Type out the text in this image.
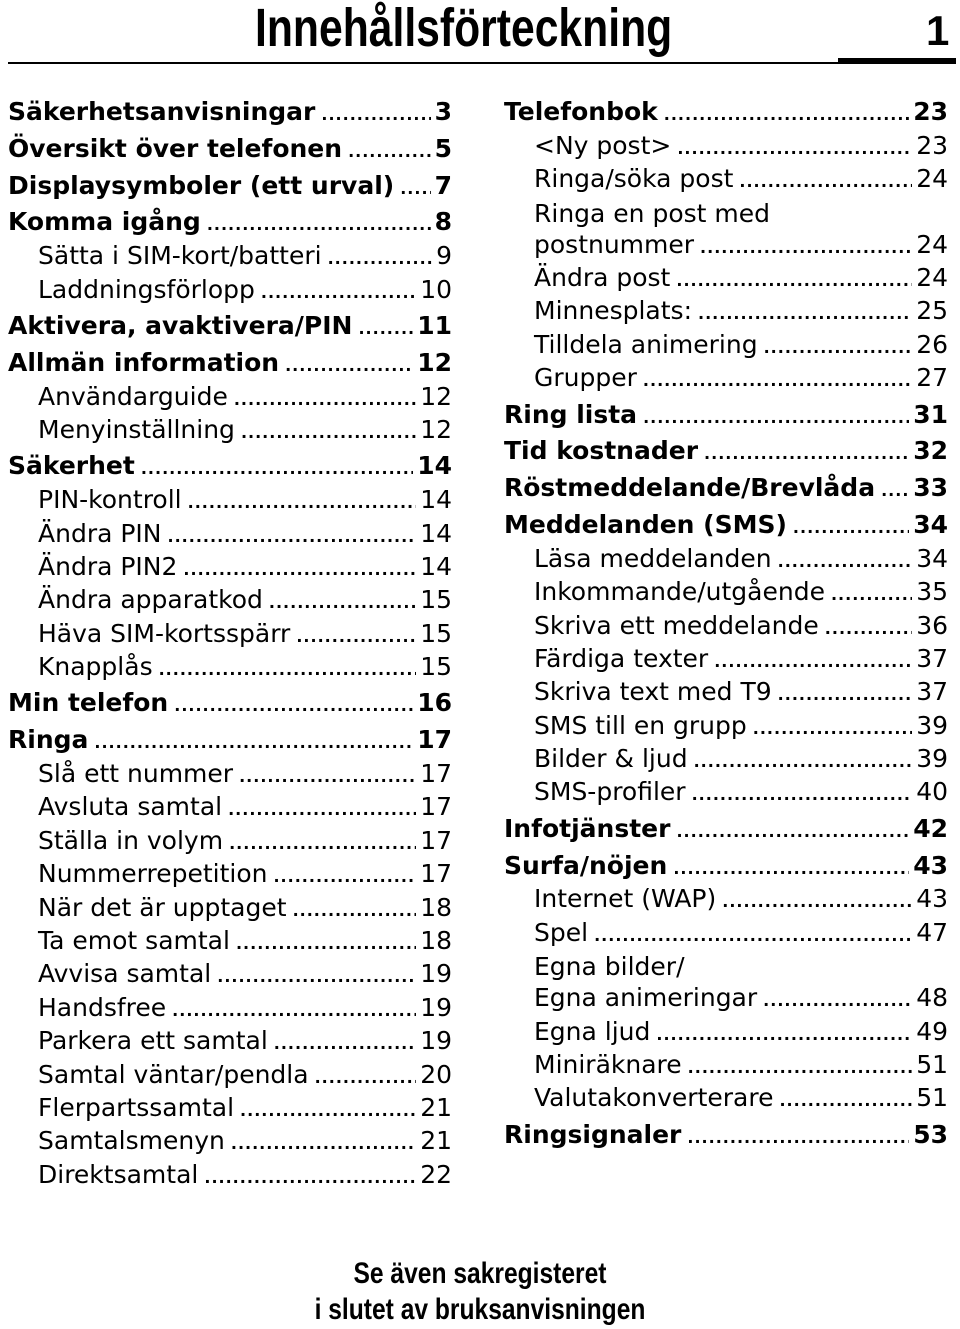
Innehållsförteckning	1
Säkerhetsanvisningar .....	3
Översikt över telefonen .....	5
Displaysymboler (ett urval) ..... 7
Komma igång .....	8
Sätta i SIM-kort/batteri .....	9
Laddningsförlopp .....	10
Aktivera, avaktivera/PIN .....	11
Allmän information .....	12
Användarguide .....	12
Menyinställning .....	12
Säkerhet .....	14
PIN-kontroll .....	14
Ändra PIN .....	14
Ändra PIN2 .....	14
Ändra apparatkod .....	15
Häva SIM-kortsspärr .....	15
Knapplås .....	15
Min telefon .....	16
Ringa .....	17
Slå ett nummer .....	17
Avsluta samtal .....	17
Ställa in volym .....	17
Nummerrepetition .....	17
När det är upptaget .....	18
Ta emot samtal .....	18
Avvisa samtal .....	19
Handsfree .....	19
Parkera ett samtal .....	19
Samtal väntar/pendla .....	20
Flerpartssamtal .....	21
Samtalsmenyn .....	21
Direktsamtal .....	22
Telefonbok .....	23
<Ny post> .....	23
Ringa/söka post .....	24
Ringa en post med
postnummer .....	24
Ändra post .....	24
Minnesplats: .....	25
Tilldela animering .....	26
Grupper .....	27
Ring lista .....	31
Tid kostnader .....	32
Röstmeddelande/Brevlåda ..... 33
Meddelanden (SMS) .....	34
Läsa meddelanden .....	34
Inkommande/utgående .....	35
Skriva ett meddelande .....	36
Färdiga texter .....	37
Skriva text med T9 .....	37
SMS till en grupp .....	39
Bilder & ljud .....	39
SMS-profiler .....	40
Infotjänster .....	42
Surfa/nöjen .....	43
Internet (WAP) .....	43
Spel .....	47
Egna bilder/
Egna animeringar .....	48
Egna ljud .....	49
Miniräknare .....	51
Valutakonverterare .....	51
Ringsignaler .....	53
Se även sakregisteret
i slutet av bruksanvisningen
